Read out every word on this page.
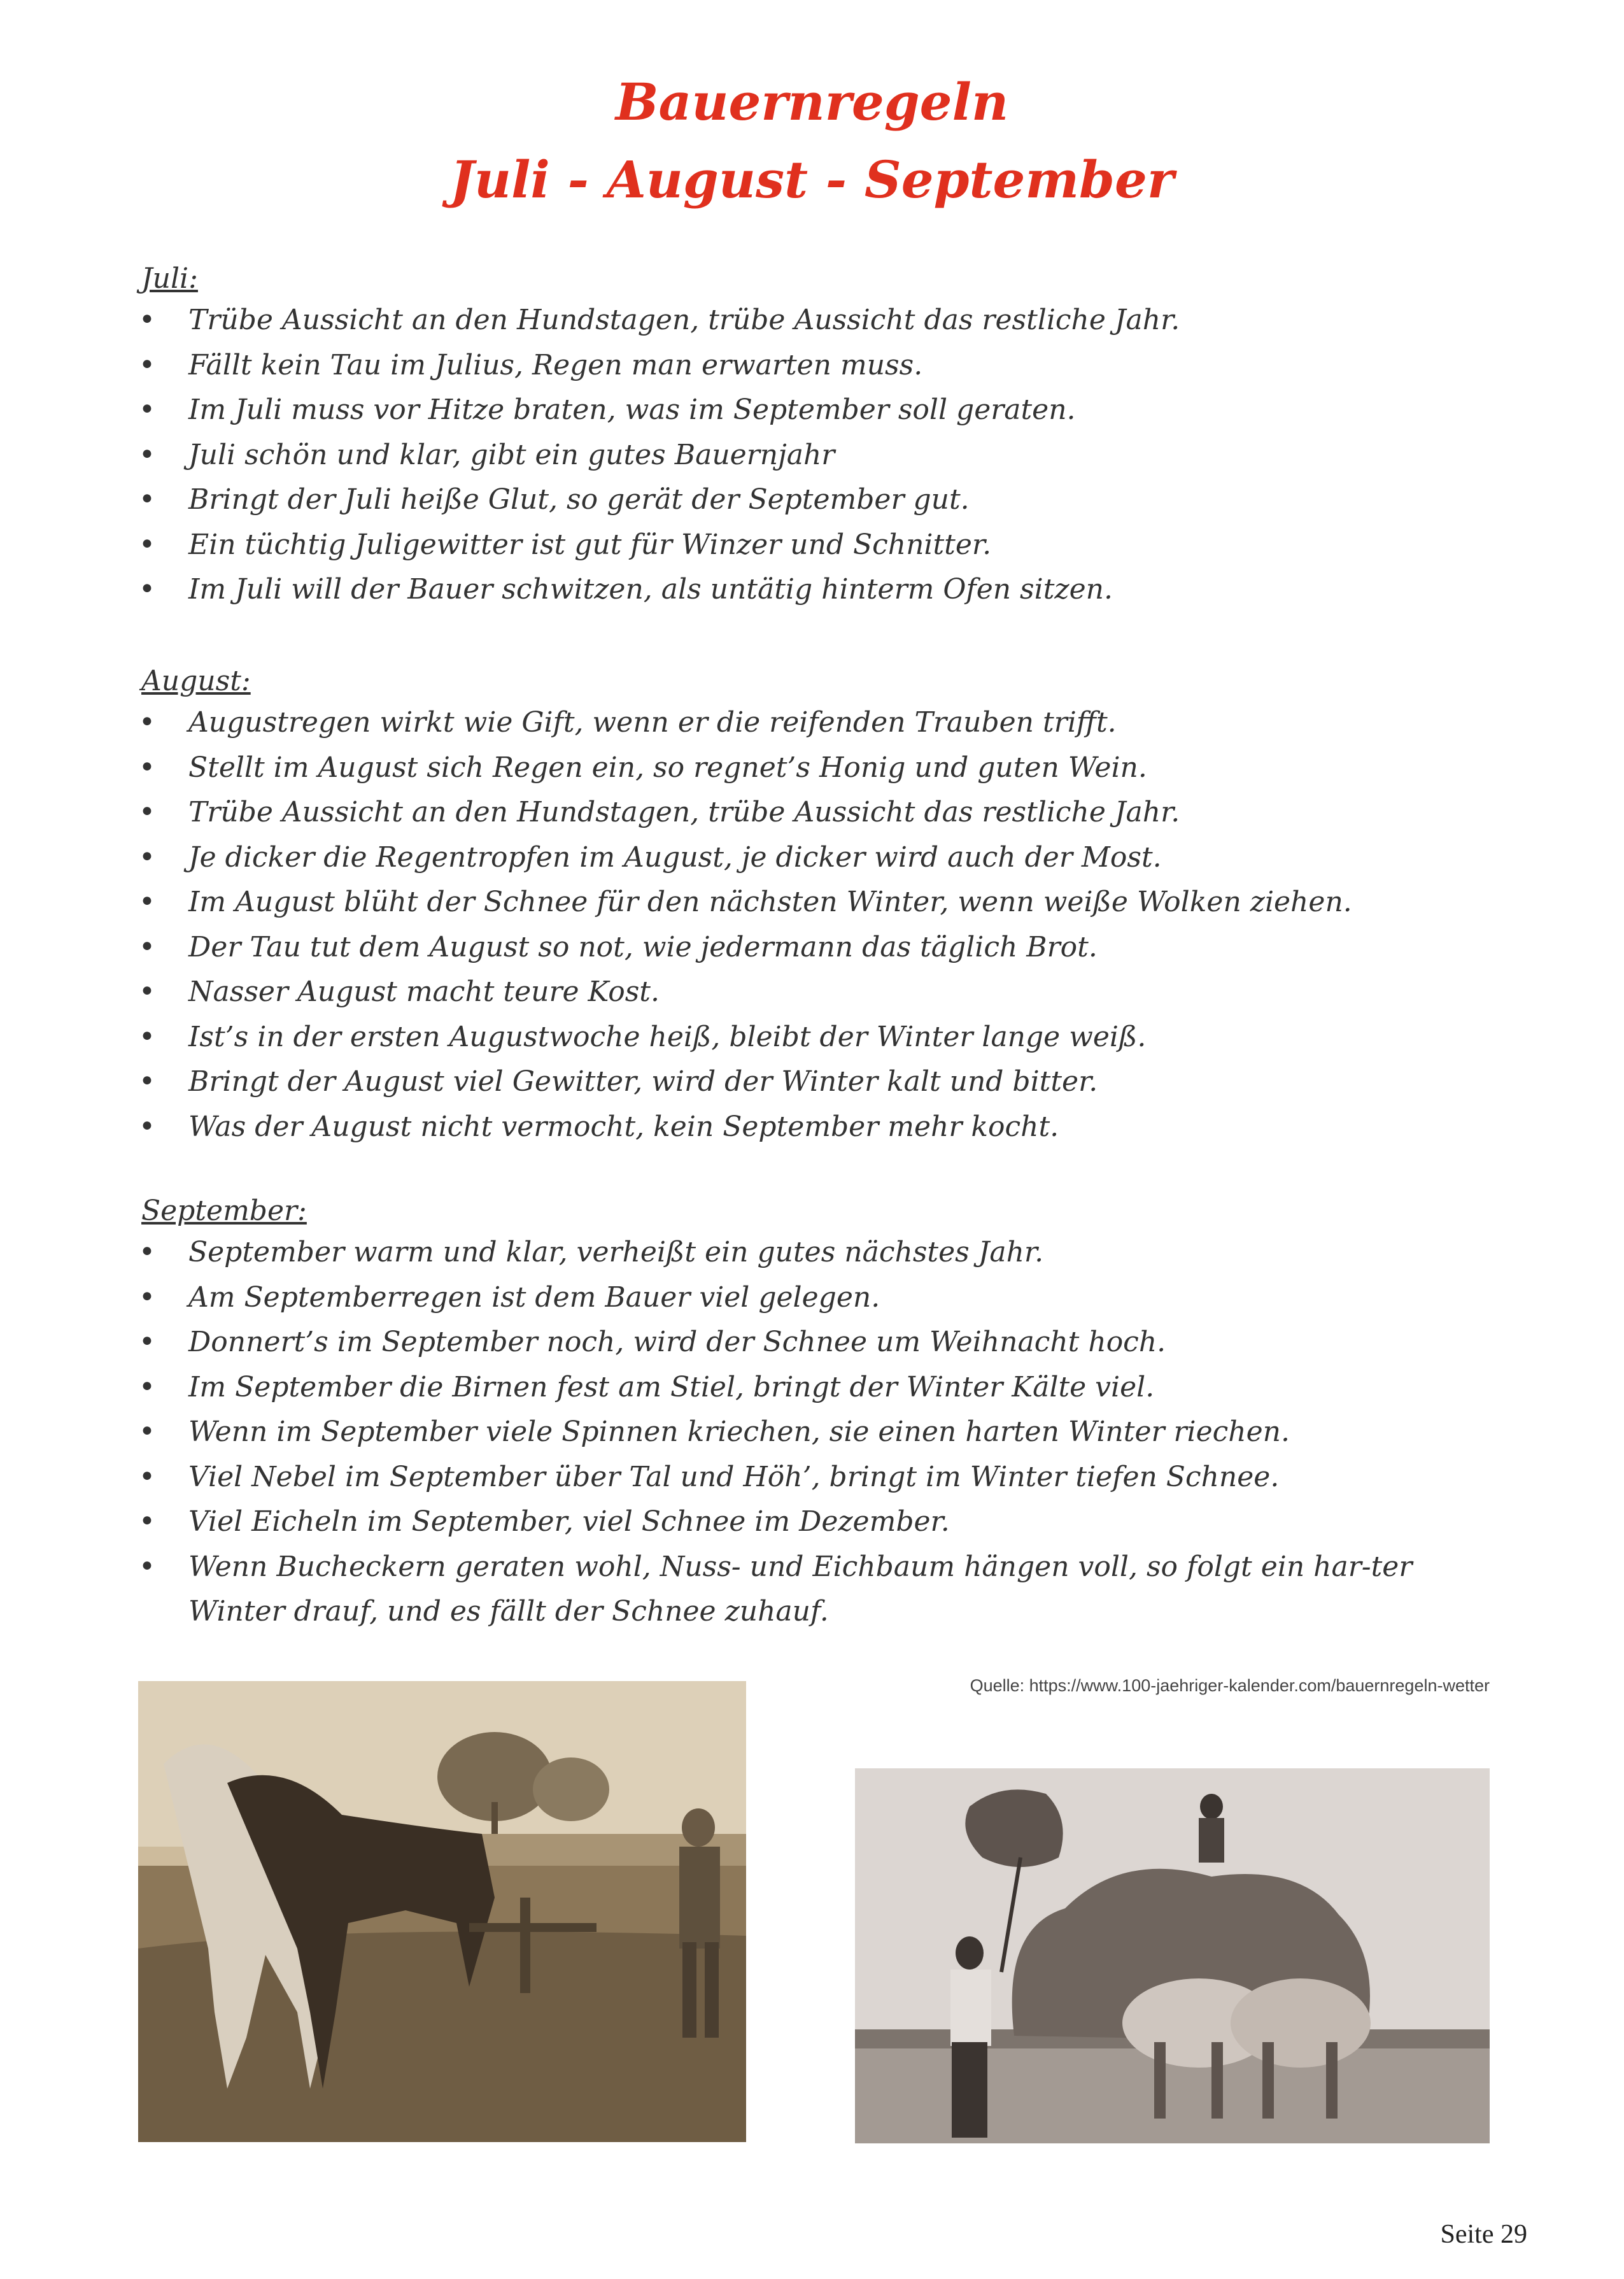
Bauernregeln
Juli - August - September
Juli:
• Trübe Aussicht an den Hundstagen, trübe Aussicht das restliche Jahr.
• Fällt kein Tau im Julius, Regen man erwarten muss.
• Im Juli muss vor Hitze braten, was im September soll geraten.
• Juli schön und klar, gibt ein gutes Bauernjahr
• Bringt der Juli heiße Glut, so gerät der September gut.
• Ein tüchtig Juligewitter ist gut für Winzer und Schnitter.
• Im Juli will der Bauer schwitzen, als untätig hinterm Ofen sitzen.
August:
• Augustregen wirkt wie Gift, wenn er die reifenden Trauben trifft.
• Stellt im August sich Regen ein, so regnet’s Honig und guten Wein.
• Trübe Aussicht an den Hundstagen, trübe Aussicht das restliche Jahr.
• Je dicker die Regentropfen im August, je dicker wird auch der Most.
• Im August blüht der Schnee für den nächsten Winter, wenn weiße Wolken ziehen.
• Der Tau tut dem August so not, wie jedermann das täglich Brot.
• Nasser August macht teure Kost.
• Ist’s in der ersten Augustwoche heiß, bleibt der Winter lange weiß.
• Bringt der August viel Gewitter, wird der Winter kalt und bitter.
• Was der August nicht vermocht, kein September mehr kocht.
September:
• September warm und klar, verheißt ein gutes nächstes Jahr.
• Am Septemberregen ist dem Bauer viel gelegen.
• Donnert’s im September noch, wird der Schnee um Weihnacht hoch.
• Im September die Birnen fest am Stiel, bringt der Winter Kälte viel.
• Wenn im September viele Spinnen kriechen, sie einen harten Winter riechen.
• Viel Nebel im September über Tal und Höh’, bringt im Winter tiefen Schnee.
• Viel Eicheln im September, viel Schnee im Dezember.
• Wenn Bucheckern geraten wohl, Nuss- und Eichbaum hängen voll, so folgt ein har-ter Winter drauf, und es fällt der Schnee zuhauf.
Quelle: https://www.100-jaehriger-kalender.com/bauernregeln-wetter
Seite 29
